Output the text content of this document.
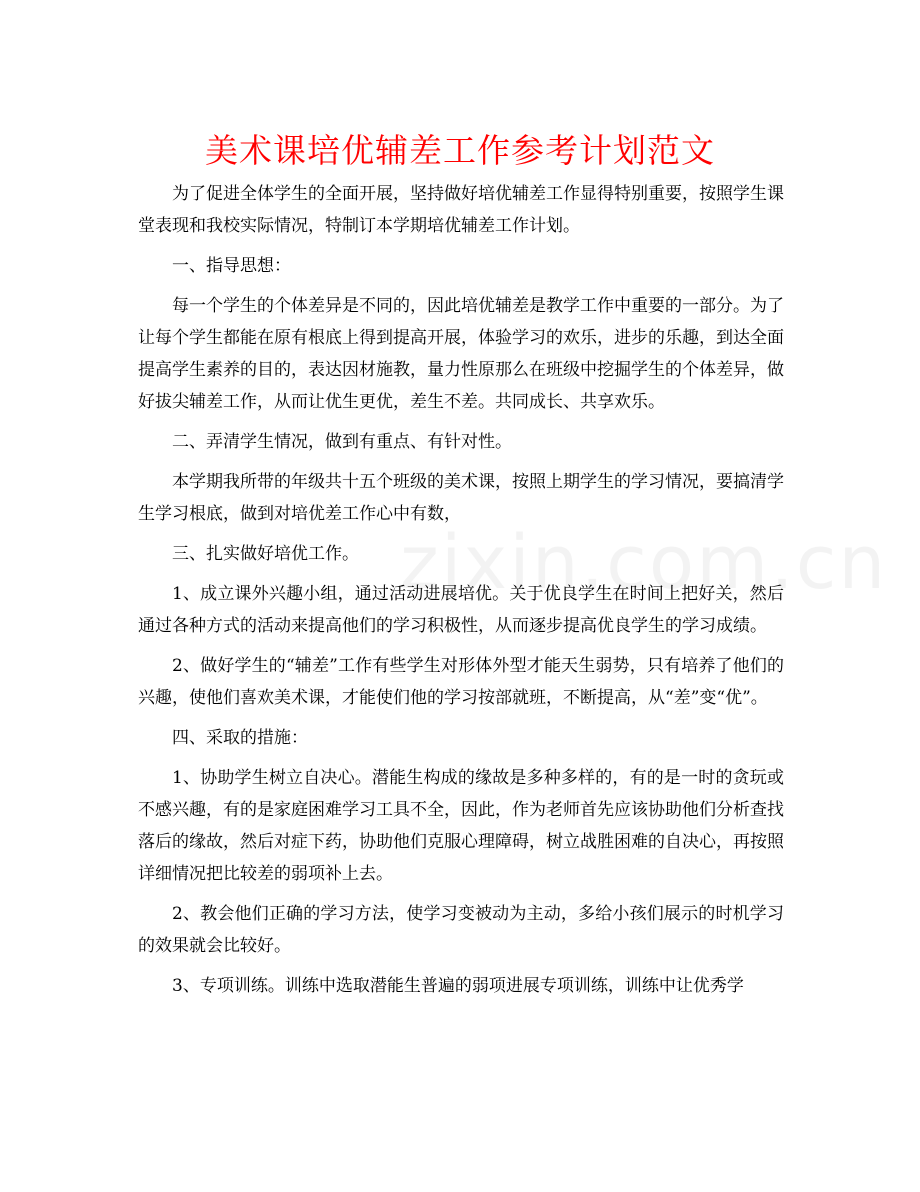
美术课培优辅差工作参考计划范文

为了促进全体学生的全面开展，坚持做好培优辅差工作显得特别重要，按照学生课堂表现和我校实际情况，特制订本学期培优辅差工作计划。

一、指导思想：

每一个学生的个体差异是不同的，因此培优辅差是教学工作中重要的一部分。为了让每个学生都能在原有根底上得到提高开展，体验学习的欢乐，进步的乐趣，到达全面提高学生素养的目的，表达因材施教，量力性原那么在班级中挖掘学生的个体差异，做好拔尖辅差工作，从而让优生更优，差生不差。共同成长、共享欢乐。

二、弄清学生情况，做到有重点、有针对性。

本学期我所带的年级共十五个班级的美术课，按照上期学生的学习情况，要搞清学生学习根底，做到对培优差工作心中有数，

三、扎实做好培优工作。

1、成立课外兴趣小组，通过活动进展培优。关于优良学生在时间上把好关，然后通过各种方式的活动来提高他们的学习积极性，从而逐步提高优良学生的学习成绩。

2、做好学生的“辅差”工作有些学生对形体外型才能天生弱势，只有培养了他们的兴趣，使他们喜欢美术课，才能使们他的学习按部就班，不断提高，从“差”变“优”。

四、采取的措施：

1、协助学生树立自决心。潜能生构成的缘故是多种多样的，有的是一时的贪玩或不感兴趣，有的是家庭困难学习工具不全，因此，作为老师首先应该协助他们分析查找落后的缘故，然后对症下药，协助他们克服心理障碍，树立战胜困难的自决心，再按照详细情况把比较差的弱项补上去。

2、教会他们正确的学习方法，使学习变被动为主动，多给小孩们展示的时机学习的效果就会比较好。

3、专项训练。训练中选取潜能生普遍的弱项进展专项训练，训练中让优秀学
